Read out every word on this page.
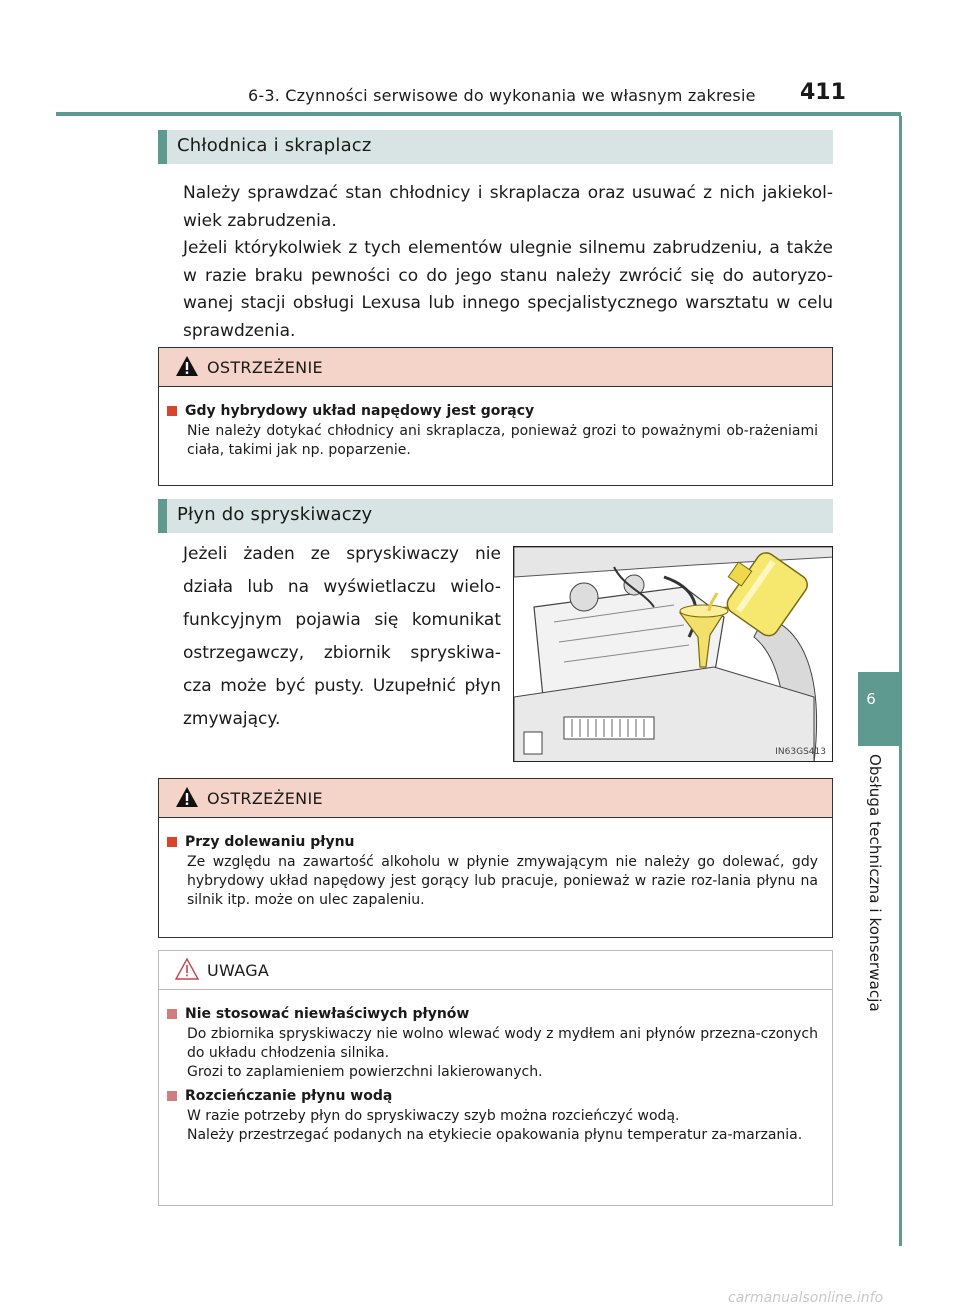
6-3. Czynności serwisowe do wykonania we własnym zakresie 411
6
Obsługa techniczna i konserwacja
Chłodnica i skraplacz
Należy sprawdzać stan chłodnicy i skraplacza oraz usuwać z nich jakiekol-wiek zabrudzenia.
Jeżeli którykolwiek z tych elementów ulegnie silnemu zabrudzeniu, a także w razie braku pewności co do jego stanu należy zwrócić się do autoryzo-wanej stacji obsługi Lexusa lub innego specjalistycznego warsztatu w celu sprawdzenia.
OSTRZEŻENIE
Gdy hybrydowy układ napędowy jest gorący
Nie należy dotykać chłodnicy ani skraplacza, ponieważ grozi to poważnymi ob-rażeniami ciała, takimi jak np. poparzenie.
Płyn do spryskiwaczy
Jeżeli żaden ze spryskiwaczy nie działa lub na wyświetlaczu wielo-funkcyjnym pojawia się komunikat ostrzegawczy, zbiornik spryskiwa-cza może być pusty. Uzupełnić płyn zmywający.
IN63GS413
OSTRZEŻENIE
Przy dolewaniu płynu
Ze względu na zawartość alkoholu w płynie zmywającym nie należy go dolewać, gdy hybrydowy układ napędowy jest gorący lub pracuje, ponieważ w razie roz-lania płynu na silnik itp. może on ulec zapaleniu.
UWAGA
Nie stosować niewłaściwych płynów
Do zbiornika spryskiwaczy nie wolno wlewać wody z mydłem ani płynów przezna-czonych do układu chłodzenia silnika.
Grozi to zaplamieniem powierzchni lakierowanych.
Rozcieńczanie płynu wodą
W razie potrzeby płyn do spryskiwaczy szyb można rozcieńczyć wodą.
Należy przestrzegać podanych na etykiecie opakowania płynu temperatur za-marzania.
carmanualsonline.info
